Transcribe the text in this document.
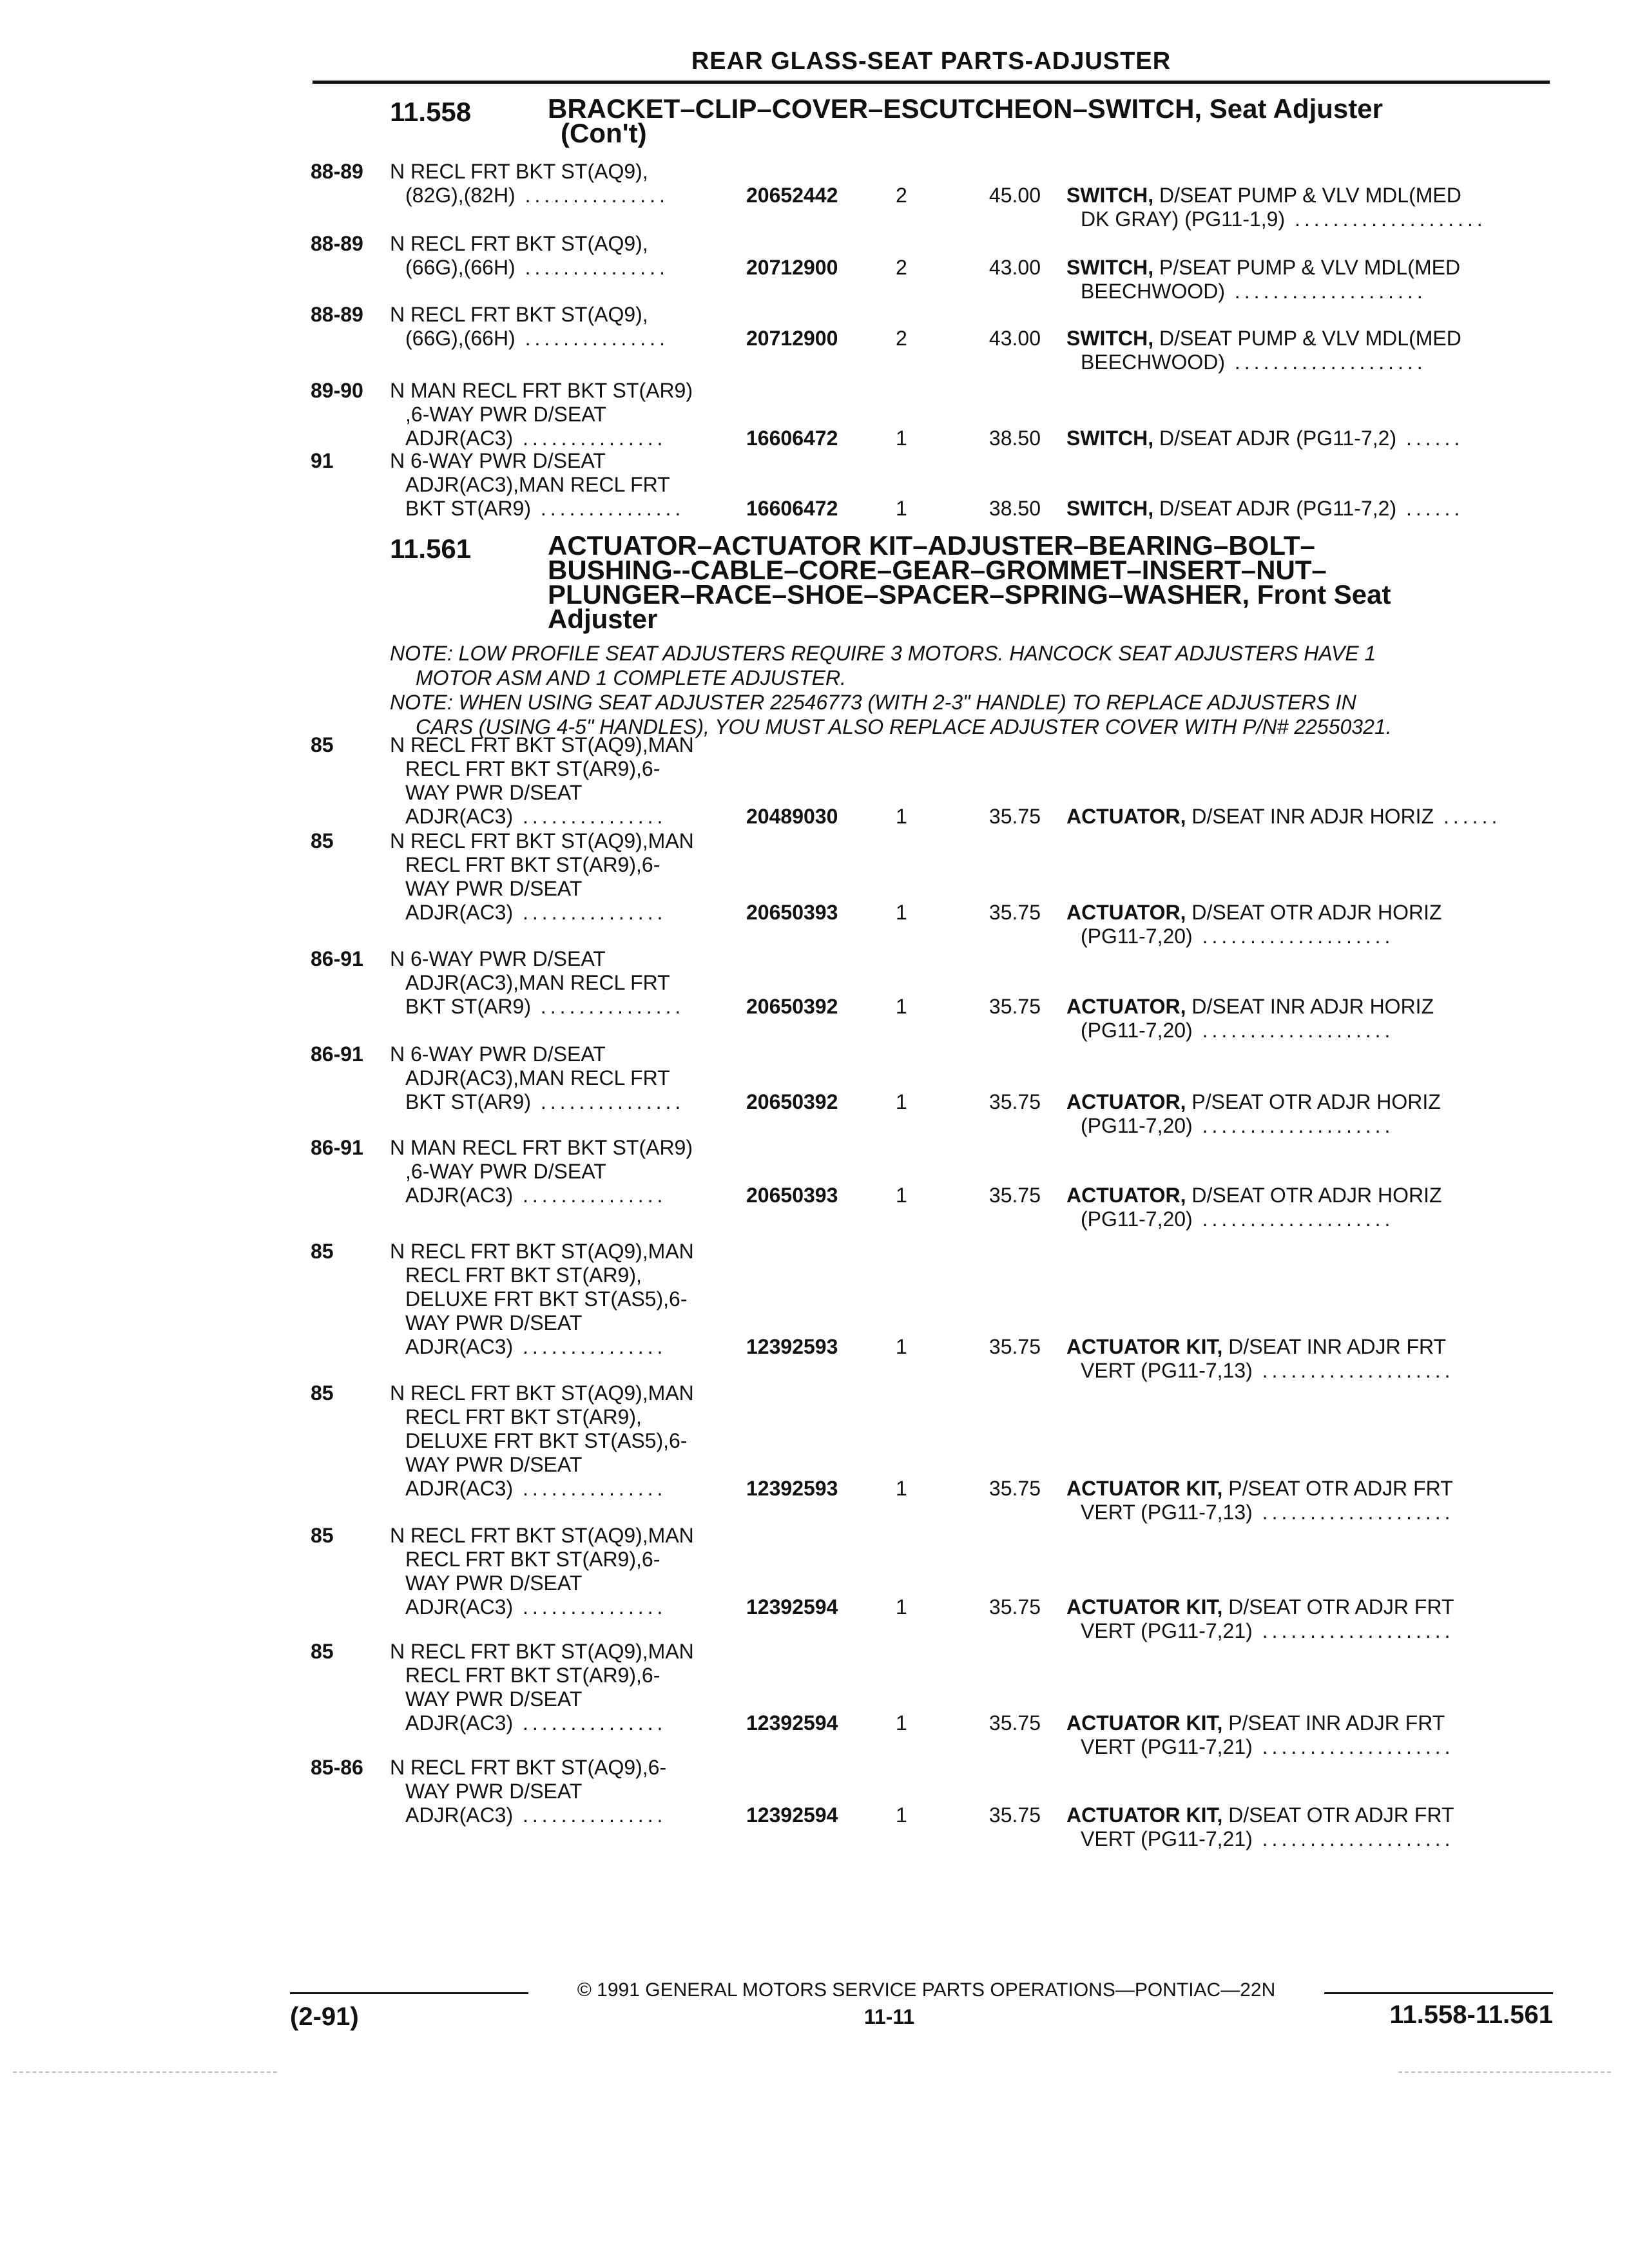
REAR GLASS-SEAT PARTS-ADJUSTER
11.558	BRACKET–CLIP–COVER–ESCUTCHEON–SWITCH, Seat Adjuster
(Con't)
11.561	ACTUATOR–ACTUATOR KIT–ADJUSTER–BEARING–BOLT–
BUSHING--CABLE–CORE–GEAR–GROMMET–INSERT–NUT–
PLUNGER–RACE–SHOE–SPACER–SPRING–WASHER, Front Seat
Adjuster
NOTE: LOW PROFILE SEAT ADJUSTERS REQUIRE 3 MOTORS. HANCOCK SEAT ADJUSTERS HAVE 1
MOTOR ASM AND 1 COMPLETE ADJUSTER.
NOTE: WHEN USING SEAT ADJUSTER 22546773 (WITH 2-3" HANDLE) TO REPLACE ADJUSTERS IN
CARS (USING 4-5" HANDLES), YOU MUST ALSO REPLACE ADJUSTER COVER WITH P/N# 22550321.
88-89 N RECL FRT BKT ST(AQ9),
(82G),(82H) ...............	20652442	2	45.00 SWITCH, D/SEAT PUMP & VLV MDL(MED
DK GRAY) (PG11-1,9) ....................
88-89 N RECL FRT BKT ST(AQ9),
(66G),(66H) ...............	20712900	2	43.00 SWITCH, P/SEAT PUMP & VLV MDL(MED
BEECHWOOD) ....................
88-89 N RECL FRT BKT ST(AQ9),
(66G),(66H) ...............	20712900	2	43.00 SWITCH, D/SEAT PUMP & VLV MDL(MED
BEECHWOOD) ....................
89-90 N MAN RECL FRT BKT ST(AR9)
,6-WAY PWR D/SEAT
ADJR(AC3) ...............	16606472	1	38.50 SWITCH, D/SEAT ADJR (PG11-7,2) ......
91	N 6-WAY PWR D/SEAT
ADJR(AC3),MAN RECL FRT
BKT ST(AR9) ...............	16606472	1	38.50 SWITCH, D/SEAT ADJR (PG11-7,2) ......
85	N RECL FRT BKT ST(AQ9),MAN
RECL FRT BKT ST(AR9),6-
WAY PWR D/SEAT
ADJR(AC3) ...............	20489030	1	35.75 ACTUATOR, D/SEAT INR ADJR HORIZ ......
85	N RECL FRT BKT ST(AQ9),MAN
RECL FRT BKT ST(AR9),6-
WAY PWR D/SEAT
ADJR(AC3) ...............	20650393	1	35.75 ACTUATOR, D/SEAT OTR ADJR HORIZ
(PG11-7,20) ....................
86-91 N 6-WAY PWR D/SEAT
ADJR(AC3),MAN RECL FRT
BKT ST(AR9) ...............	20650392	1	35.75 ACTUATOR, D/SEAT INR ADJR HORIZ
(PG11-7,20) ....................
86-91 N 6-WAY PWR D/SEAT
ADJR(AC3),MAN RECL FRT
BKT ST(AR9) ...............	20650392	1	35.75 ACTUATOR, P/SEAT OTR ADJR HORIZ
(PG11-7,20) ....................
86-91 N MAN RECL FRT BKT ST(AR9)
,6-WAY PWR D/SEAT
ADJR(AC3) ...............	20650393	1	35.75 ACTUATOR, D/SEAT OTR ADJR HORIZ
(PG11-7,20) ....................
85	N RECL FRT BKT ST(AQ9),MAN
RECL FRT BKT ST(AR9),
DELUXE FRT BKT ST(AS5),6-
WAY PWR D/SEAT
ADJR(AC3) ...............	12392593	1	35.75 ACTUATOR KIT, D/SEAT INR ADJR FRT
VERT (PG11-7,13) ....................
85	N RECL FRT BKT ST(AQ9),MAN
RECL FRT BKT ST(AR9),
DELUXE FRT BKT ST(AS5),6-
WAY PWR D/SEAT
ADJR(AC3) ...............	12392593	1	35.75 ACTUATOR KIT, P/SEAT OTR ADJR FRT
VERT (PG11-7,13) ....................
85	N RECL FRT BKT ST(AQ9),MAN
RECL FRT BKT ST(AR9),6-
WAY PWR D/SEAT
ADJR(AC3) ...............	12392594	1	35.75 ACTUATOR KIT, D/SEAT OTR ADJR FRT
VERT (PG11-7,21) ....................
85	N RECL FRT BKT ST(AQ9),MAN
RECL FRT BKT ST(AR9),6-
WAY PWR D/SEAT
ADJR(AC3) ...............	12392594	1	35.75 ACTUATOR KIT, P/SEAT INR ADJR FRT
VERT (PG11-7,21) ....................
85-86 N RECL FRT BKT ST(AQ9),6-
WAY PWR D/SEAT
ADJR(AC3) ...............	12392594	1	35.75 ACTUATOR KIT, D/SEAT OTR ADJR FRT
VERT (PG11-7,21) ....................
© 1991 GENERAL MOTORS SERVICE PARTS OPERATIONS—PONTIAC—22N
(2-91)	11-11	11.558-11.561
